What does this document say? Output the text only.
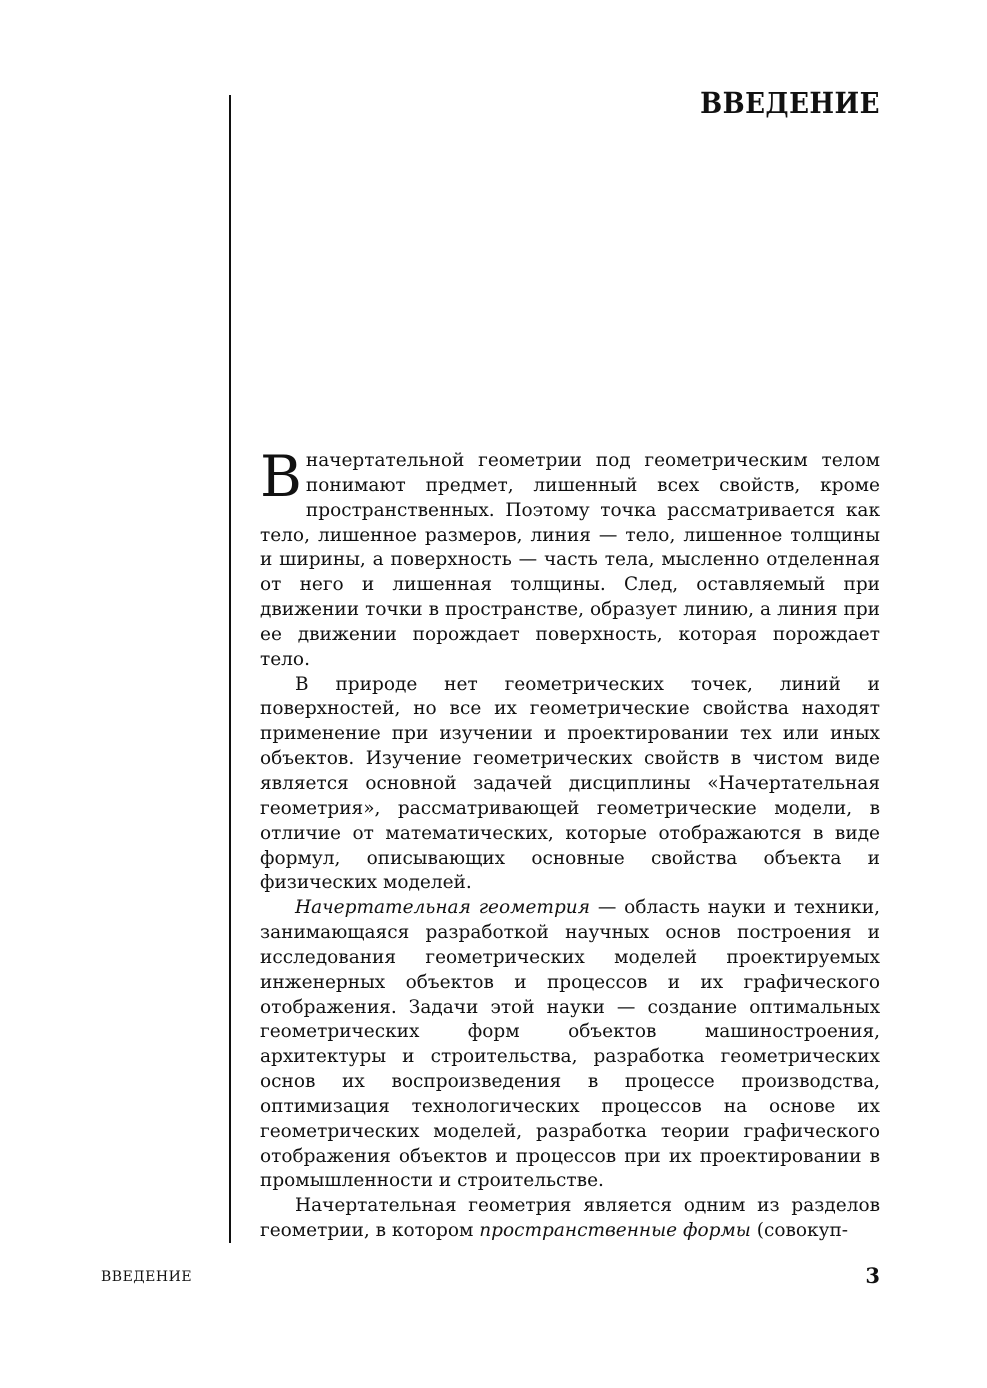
ВВЕДЕНИЕ

Вначертательной геометрии под геометрическим телом понимают предмет, лишенный всех свойств, кроме пространственных. Поэтому точка рассматривается как тело, лишенное размеров, линия — тело, лишенное толщины и ширины, а поверхность — часть тела, мысленно отделенная от него и лишенная толщины. След, оставляемый при движении точки в пространстве, образует линию, а линия при ее движении порождает поверхность, которая порождает тело.

В природе нет геометрических точек, линий и поверхностей, но все их геометрические свойства находят применение при изучении и проектировании тех или иных объектов. Изучение геометрических свойств в чистом виде является основной задачей дисциплины «Начертательная геометрия», рассматривающей геометрические модели, в отличие от математических, которые отображаются в виде формул, описывающих основные свойства объекта и физических моделей.

Начертательная геометрия — область науки и техники, занимающаяся разработкой научных основ построения и исследования геометрических моделей проектируемых инженерных объектов и процессов и их графического отображения. Задачи этой науки — создание оптимальных геометрических форм объектов машиностроения, архитектуры и строительства, разработка геометрических основ их воспроизведения в процессе производства, оптимизация технологических процессов на основе их геометрических моделей, разработка теории графического отображения объектов и процессов при их проектировании в промышленности и строительстве.

Начертательная геометрия является одним из разделов геометрии, в котором пространственные формы (совокуп-

ВВЕДЕНИЕ	3
